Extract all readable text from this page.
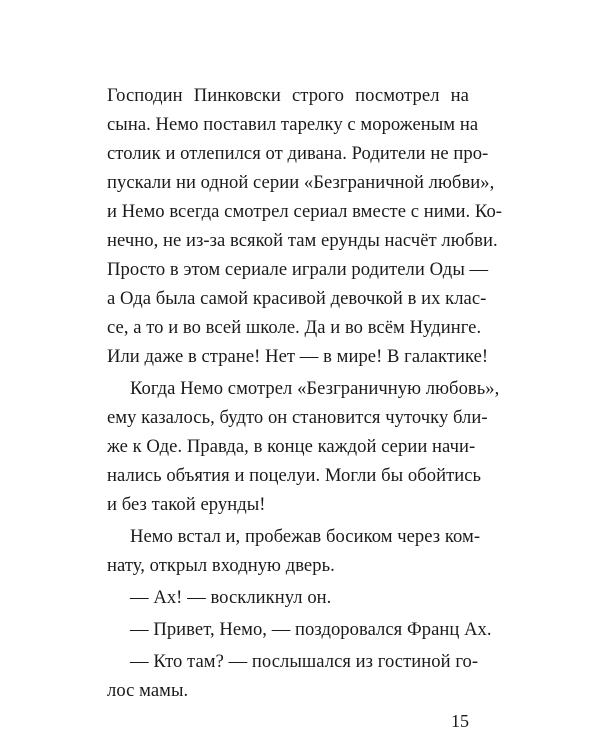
Господин Пинковски строго посмотрел на
сына. Немо поставил тарелку с мороженым на
столик и отлепился от дивана. Родители не про-
пускали ни одной серии «Безграничной любви»,
и Немо всегда смотрел сериал вместе с ними. Ко-
нечно, не из-за всякой там ерунды насчёт любви.
Просто в этом сериале играли родители Оды —
а Ода была самой красивой девочкой в их клас-
се, а то и во всей школе. Да и во всём Нудинге.
Или даже в стране! Нет — в мире! В галактике!
Когда Немо смотрел «Безграничную любовь»,
ему казалось, будто он становится чуточку бли-
же к Оде. Правда, в конце каждой серии начи-
нались объятия и поцелуи. Могли бы обойтись
и без такой ерунды!
Немо встал и, пробежав босиком через ком-
нату, открыл входную дверь.
— Ах! — воскликнул он.
— Привет, Немо, — поздоровался Франц Ах.
— Кто там? — послышался из гостиной го-
лос мамы.
15
